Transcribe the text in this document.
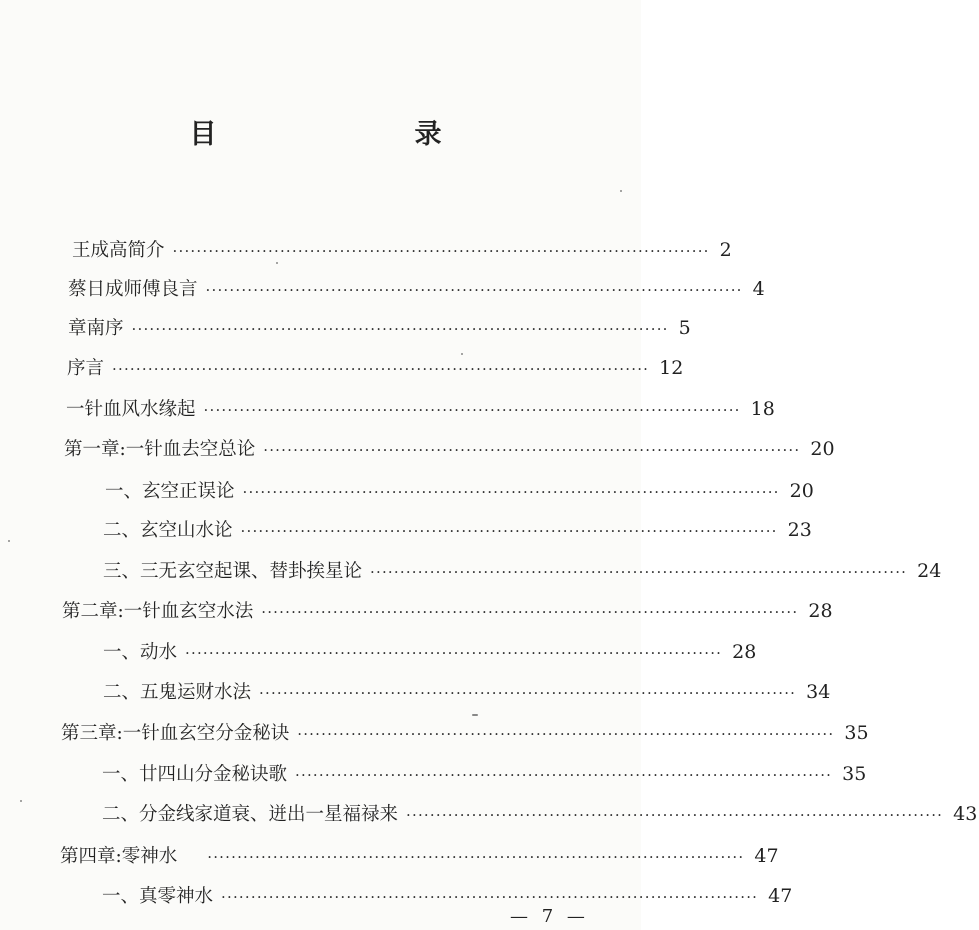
目　　录
王成高简介 ·························································································· 2
蔡日成师傅良言 ·························································································· 4
章南序 ·························································································· 5
序言 ·························································································· 12
一针血风水缘起 ·························································································· 18
第一章:一针血去空总论 ·························································································· 20
一、玄空正误论 ·························································································· 20
二、玄空山水论 ·························································································· 23
三、三无玄空起课、替卦挨星论 ·························································································· 24
第二章:一针血玄空水法 ·························································································· 28
一、动水 ·························································································· 28
二、五鬼运财水法 ·························································································· 34
第三章:一针血玄空分金秘诀 ·························································································· 35
一、廿四山分金秘诀歌 ·························································································· 35
二、分金线家道衰、迸出一星福禄来 ·························································································· 43
第四章:零神水 ·························································································· 47
一、真零神水 ·························································································· 47
— 7 —
